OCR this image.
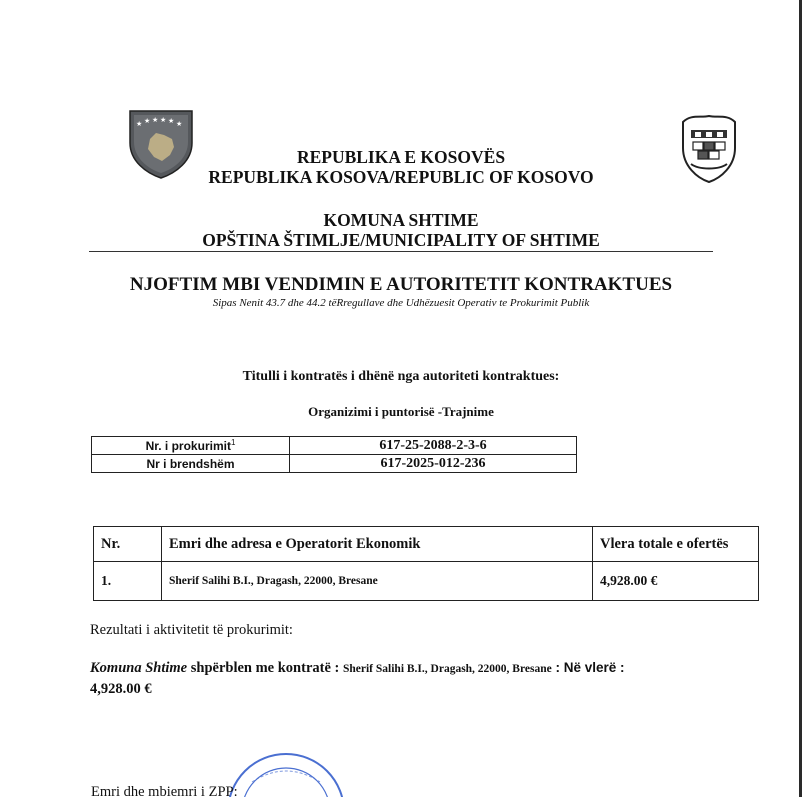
★ ★ ★ ★ ★ ★
REPUBLIKA E KOSOVËS
REPUBLIKA KOSOVA/REPUBLIC OF KOSOVO
KOMUNA SHTIME
OPŠTINA ŠTIMLJE/MUNICIPALITY OF SHTIME
NJOFTIM MBI VENDIMIN E AUTORITETIT KONTRAKTUES
Sipas Nenit 43.7 dhe 44.2 tëRregullave dhe Udhëzuesit Operativ te Prokurimit Publik
Titulli i kontratës i dhënë nga autoriteti kontraktues:
Organizimi i puntorisë -Trajnime
Nr. i prokurimit$^1$	617-25-2088-2-3-6
Nr i brendshëm	617-2025-012-236
Nr.	Emri dhe adresa e Operatorit Ekonomik	Vlera totale e ofertës
1.	Sherif Salihi B.I., Dragash, 22000, Bresane	4,928.00 €
Rezultati i aktivitetit të prokurimit:
Komuna Shtime shpërblen me kontratë : Sherif Salihi B.I., Dragash, 22000, Bresane : Në vlerë :
4,928.00 €
Emri dhe mbiemri i ZPP:
